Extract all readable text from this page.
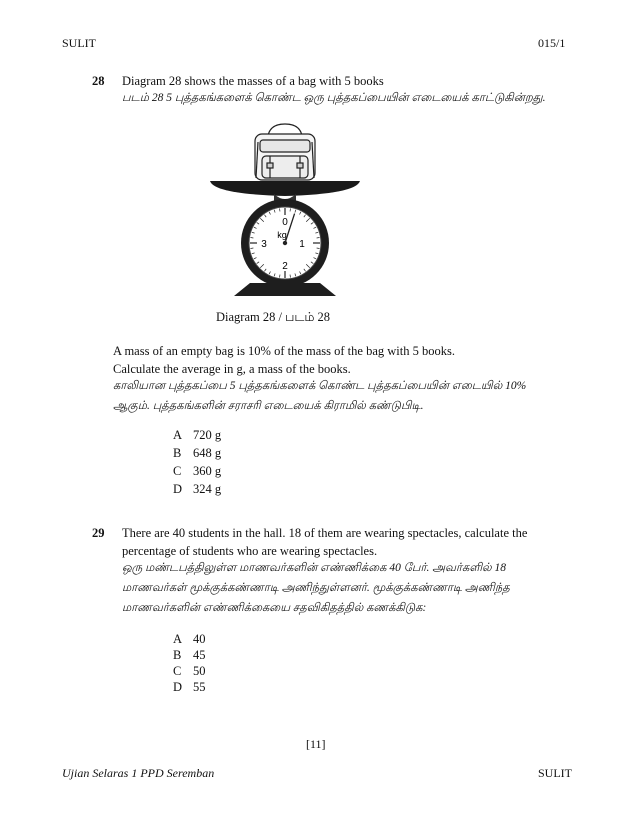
SULIT	015/1
28 Diagram 28 shows the masses of a bag with 5 books
படம் 28 5 புத்தகங்களைக் கொண்ட ஒரு புத்தகப்பையின் எடையைக் காட்டுகின்றது.
0
kg
1
2
3
Diagram 28 / படம் 28
A mass of an empty bag is 10% of the mass of the bag with 5 books.
Calculate the average in g, a mass of the books.
காலியான புத்தகப்பை 5 புத்தகங்களைக் கொண்ட புத்தகப்பையின் எடையில் 10%
ஆகும். புத்தகங்களின் சராசரி எடையைக் கிராமில் கண்டுபிடி.
A 720 g
B 648 g
C 360 g
D 324 g
29 There are 40 students in the hall. 18 of them are wearing spectacles, calculate the
percentage of students who are wearing spectacles.
ஒரு மண்டபத்திலுள்ள மாணவர்களின் எண்ணிக்கை 40 பேர். அவர்களில் 18
மாணவர்கள் மூக்குக்கண்ணாடி அணிந்துள்ளனர். மூக்குக்கண்ணாடி அணிந்த
மாணவர்களின் எண்ணிக்கையை சதவிகிதத்தில் கணக்கிடுக:
A 40
B 45
C 50
D 55
[11]
Ujian Selaras 1 PPD Seremban	SULIT
